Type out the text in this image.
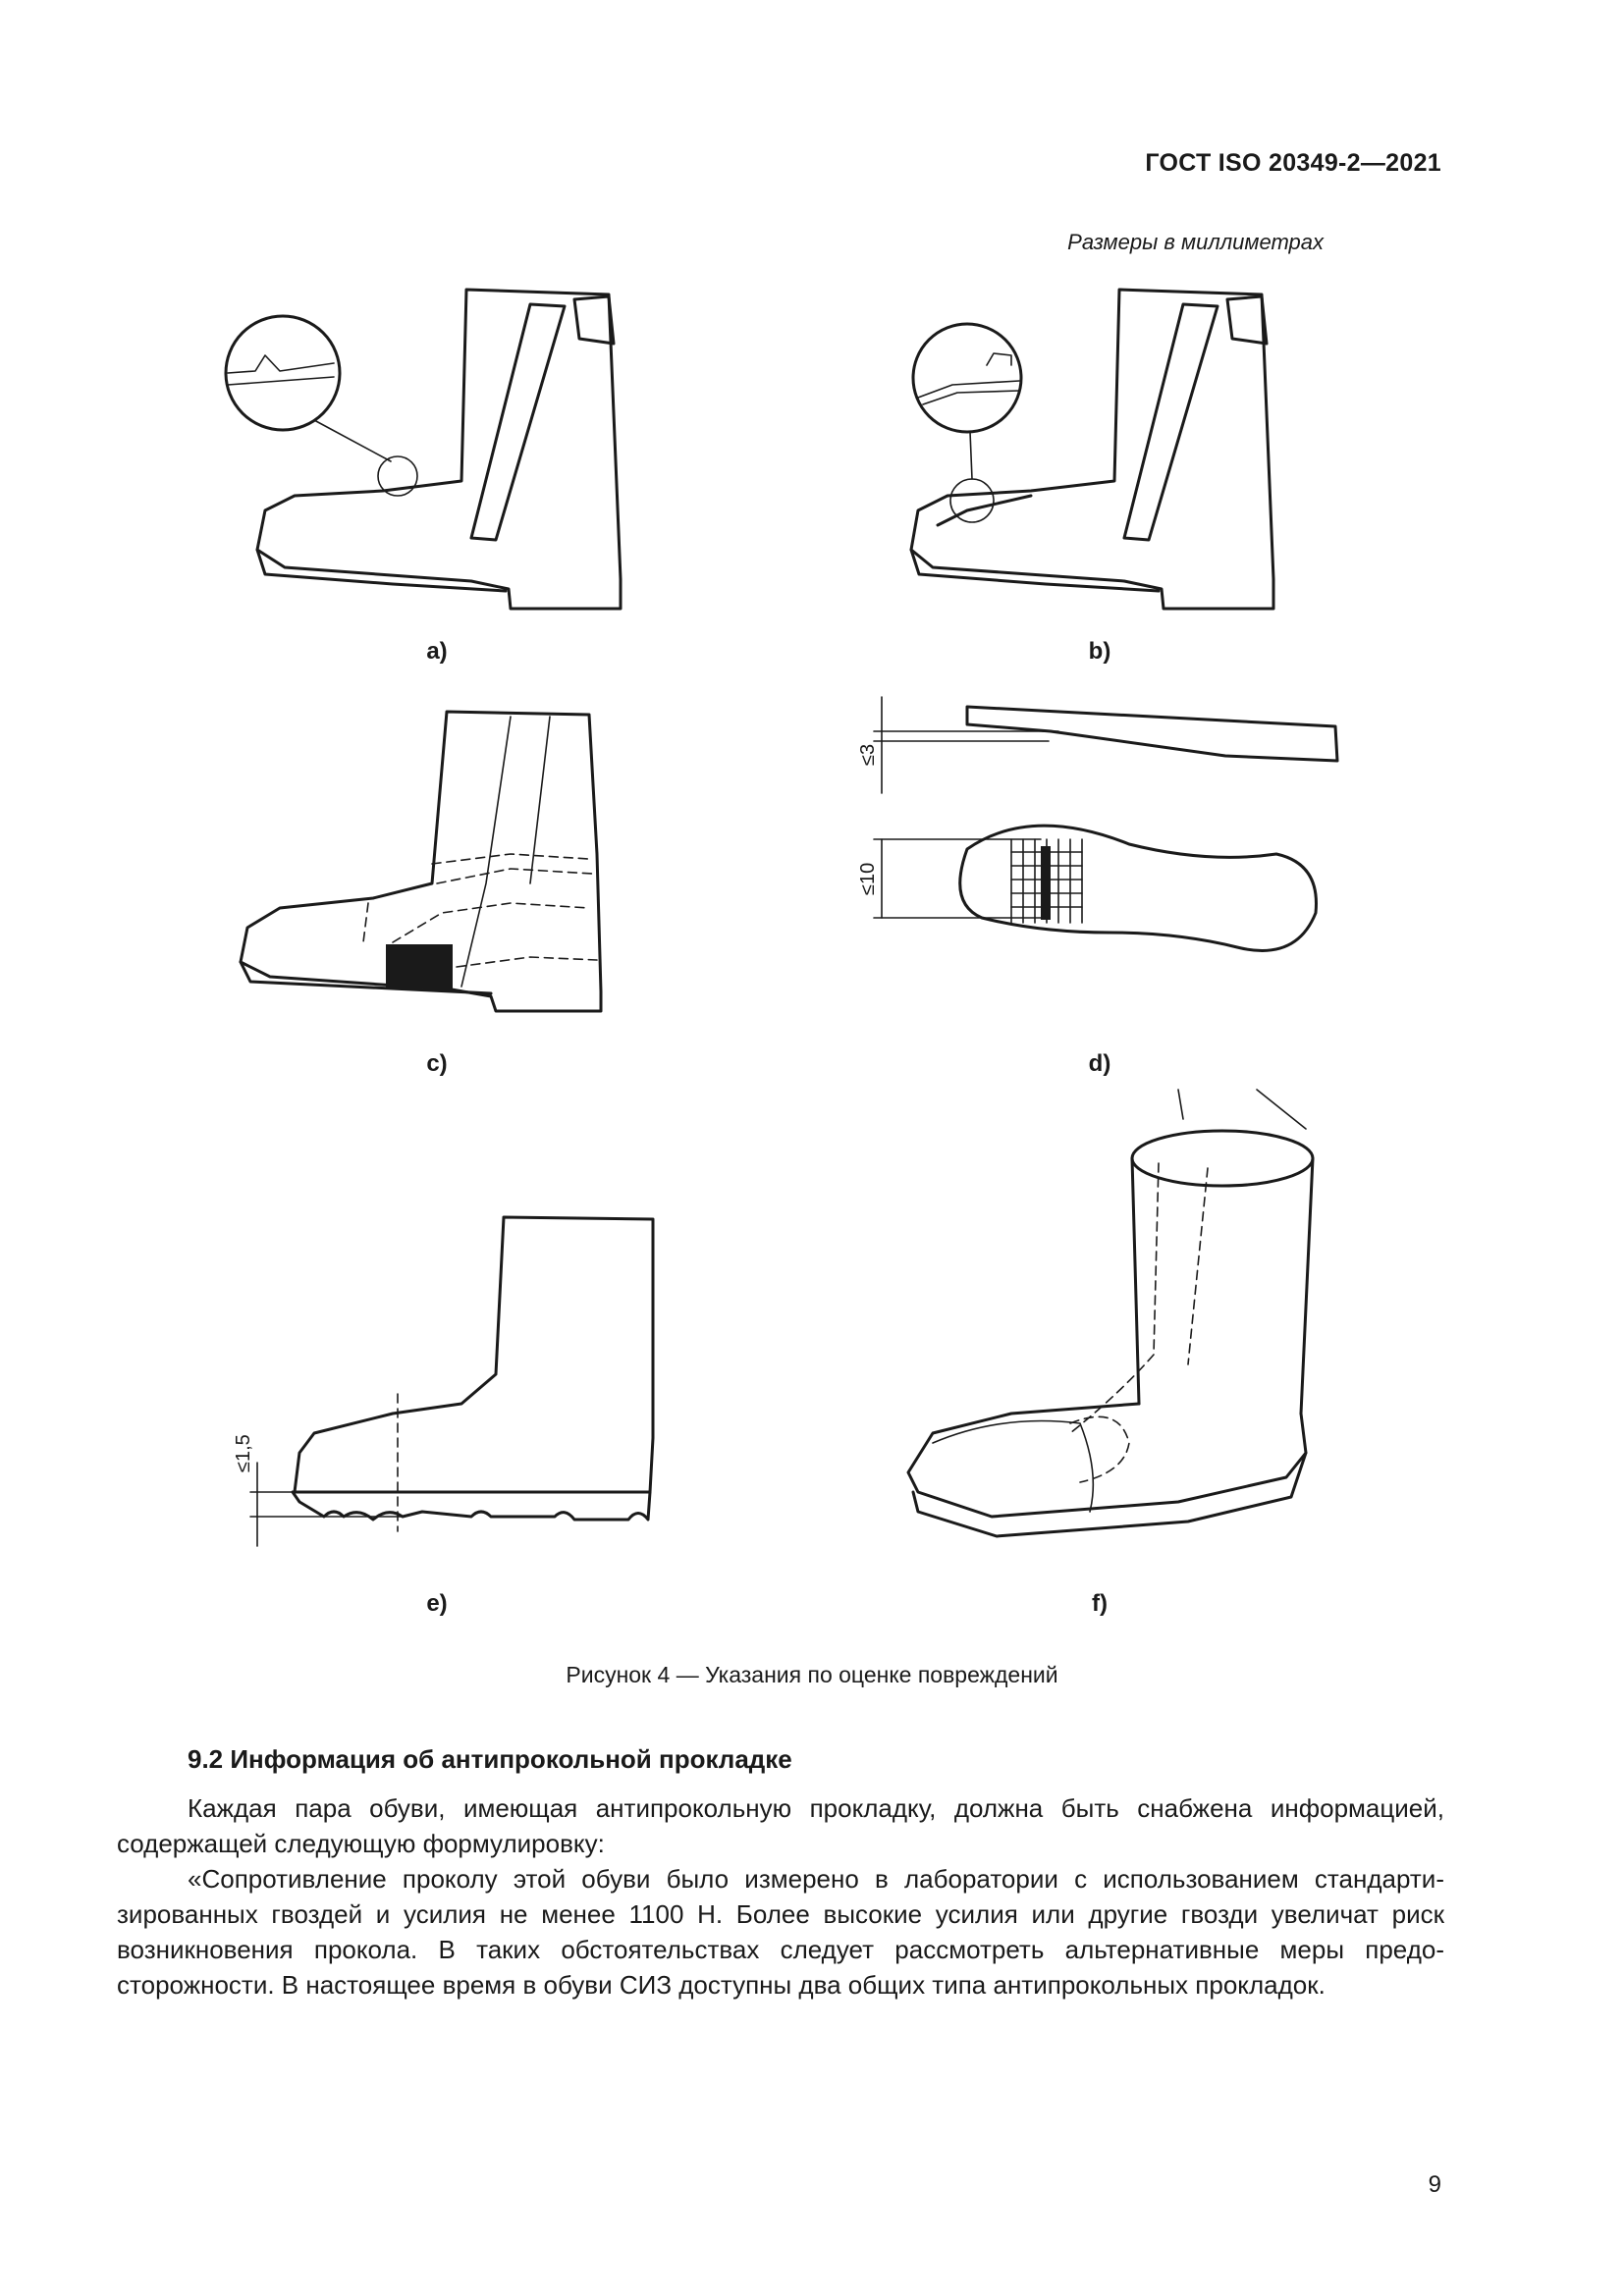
ГОСТ ISO 20349-2—2021
Размеры в миллиметрах
a)	b)
c)	d)
e)	f)
≤3
≤10
≤1,5
Рисунок 4 — Указания по оценке повреждений
9.2 Информация об антипрокольной прокладке
Каждая пара обуви, имеющая антипрокольную прокладку, должна быть снабжена информацией, содержащей следующую формулировку:
«Сопротивление проколу этой обуви было измерено в лаборатории с использованием стандартизированных гвоздей и усилия не менее 1100 Н. Более высокие усилия или другие гвозди увеличат риск возникновения прокола. В таких обстоятельствах следует рассмотреть альтернативные меры предосторожности. В настоящее время в обуви СИЗ доступны два общих типа антипрокольных прокладок.
9
